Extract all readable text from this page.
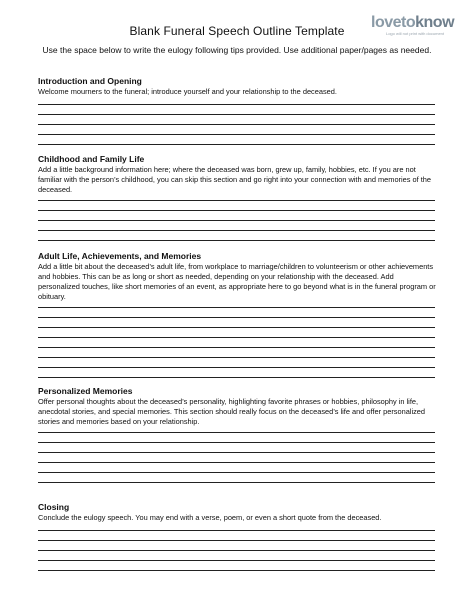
Blank Funeral Speech Outline Template	lovetoknow
Logo will not print with document
Use the space below to write the eulogy following tips provided. Use additional paper/pages as needed.
Introduction and Opening
Welcome mourners to the funeral; introduce yourself and your relationship to the deceased.
Childhood and Family Life
Add a little background information here; where the deceased was born, grew up, family, hobbies, etc. If you are not familiar with the person’s childhood, you can skip this section and go right into your connection with and memories of the deceased.
Adult Life, Achievements, and Memories
Add a little bit about the deceased’s adult life, from workplace to marriage/children to volunteerism or other achievements and hobbies. This can be as long or short as needed, depending on your relationship with the deceased. Add personalized touches, like short memories of an event, as appropriate here to go beyond what is in the funeral program or obituary.
Personalized Memories
Offer personal thoughts about the deceased’s personality, highlighting favorite phrases or hobbies, philosophy in life, anecdotal stories, and special memories. This section should really focus on the deceased’s life and offer personalized stories and memories based on your relationship.
Closing
Conclude the eulogy speech. You may end with a verse, poem, or even a short quote from the deceased.
